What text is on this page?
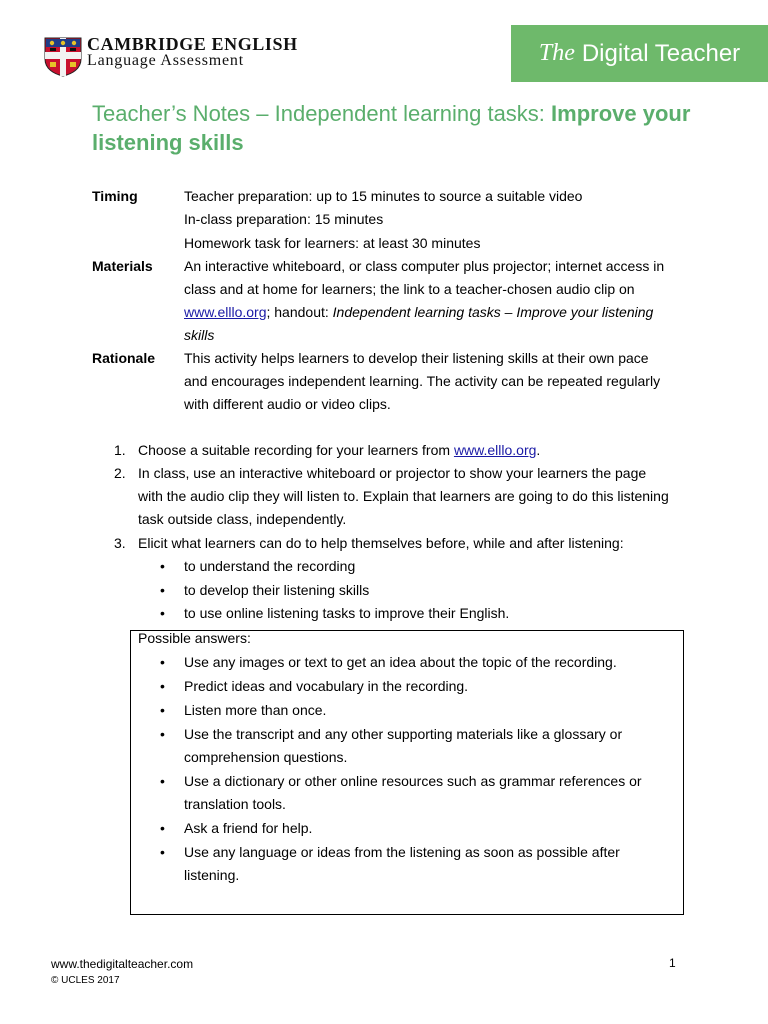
CAMBRIDGE ENGLISH
Language Assessment	The Digital Teacher
Teacher’s Notes – Independent learning tasks: Improve your listening skills
Timing	Teacher preparation: up to 15 minutes to source a suitable video
In-class preparation: 15 minutes
Homework task for learners: at least 30 minutes
Materials An interactive whiteboard, or class computer plus projector; internet access in
class and at home for learners; the link to a teacher-chosen audio clip on
www.elllo.org; handout: Independent learning tasks – Improve your listening
skills
Rationale This activity helps learners to develop their listening skills at their own pace
and encourages independent learning. The activity can be repeated regularly
with different audio or video clips.
1. Choose a suitable recording for your learners from www.elllo.org.
2. In class, use an interactive whiteboard or projector to show your learners the page
with the audio clip they will listen to. Explain that learners are going to do this listening
task outside class, independently.
3. Elicit what learners can do to help themselves before, while and after listening:
• to understand the recording
• to develop their listening skills
• to use online listening tasks to improve their English.
Possible answers:
• Use any images or text to get an idea about the topic of the recording.
• Predict ideas and vocabulary in the recording.
• Listen more than once.
• Use the transcript and any other supporting materials like a glossary or
comprehension questions.
• Use a dictionary or other online resources such as grammar references or
translation tools.
• Ask a friend for help.
• Use any language or ideas from the listening as soon as possible after
listening.
www.thedigitalteacher.com
© UCLES 2017
1
